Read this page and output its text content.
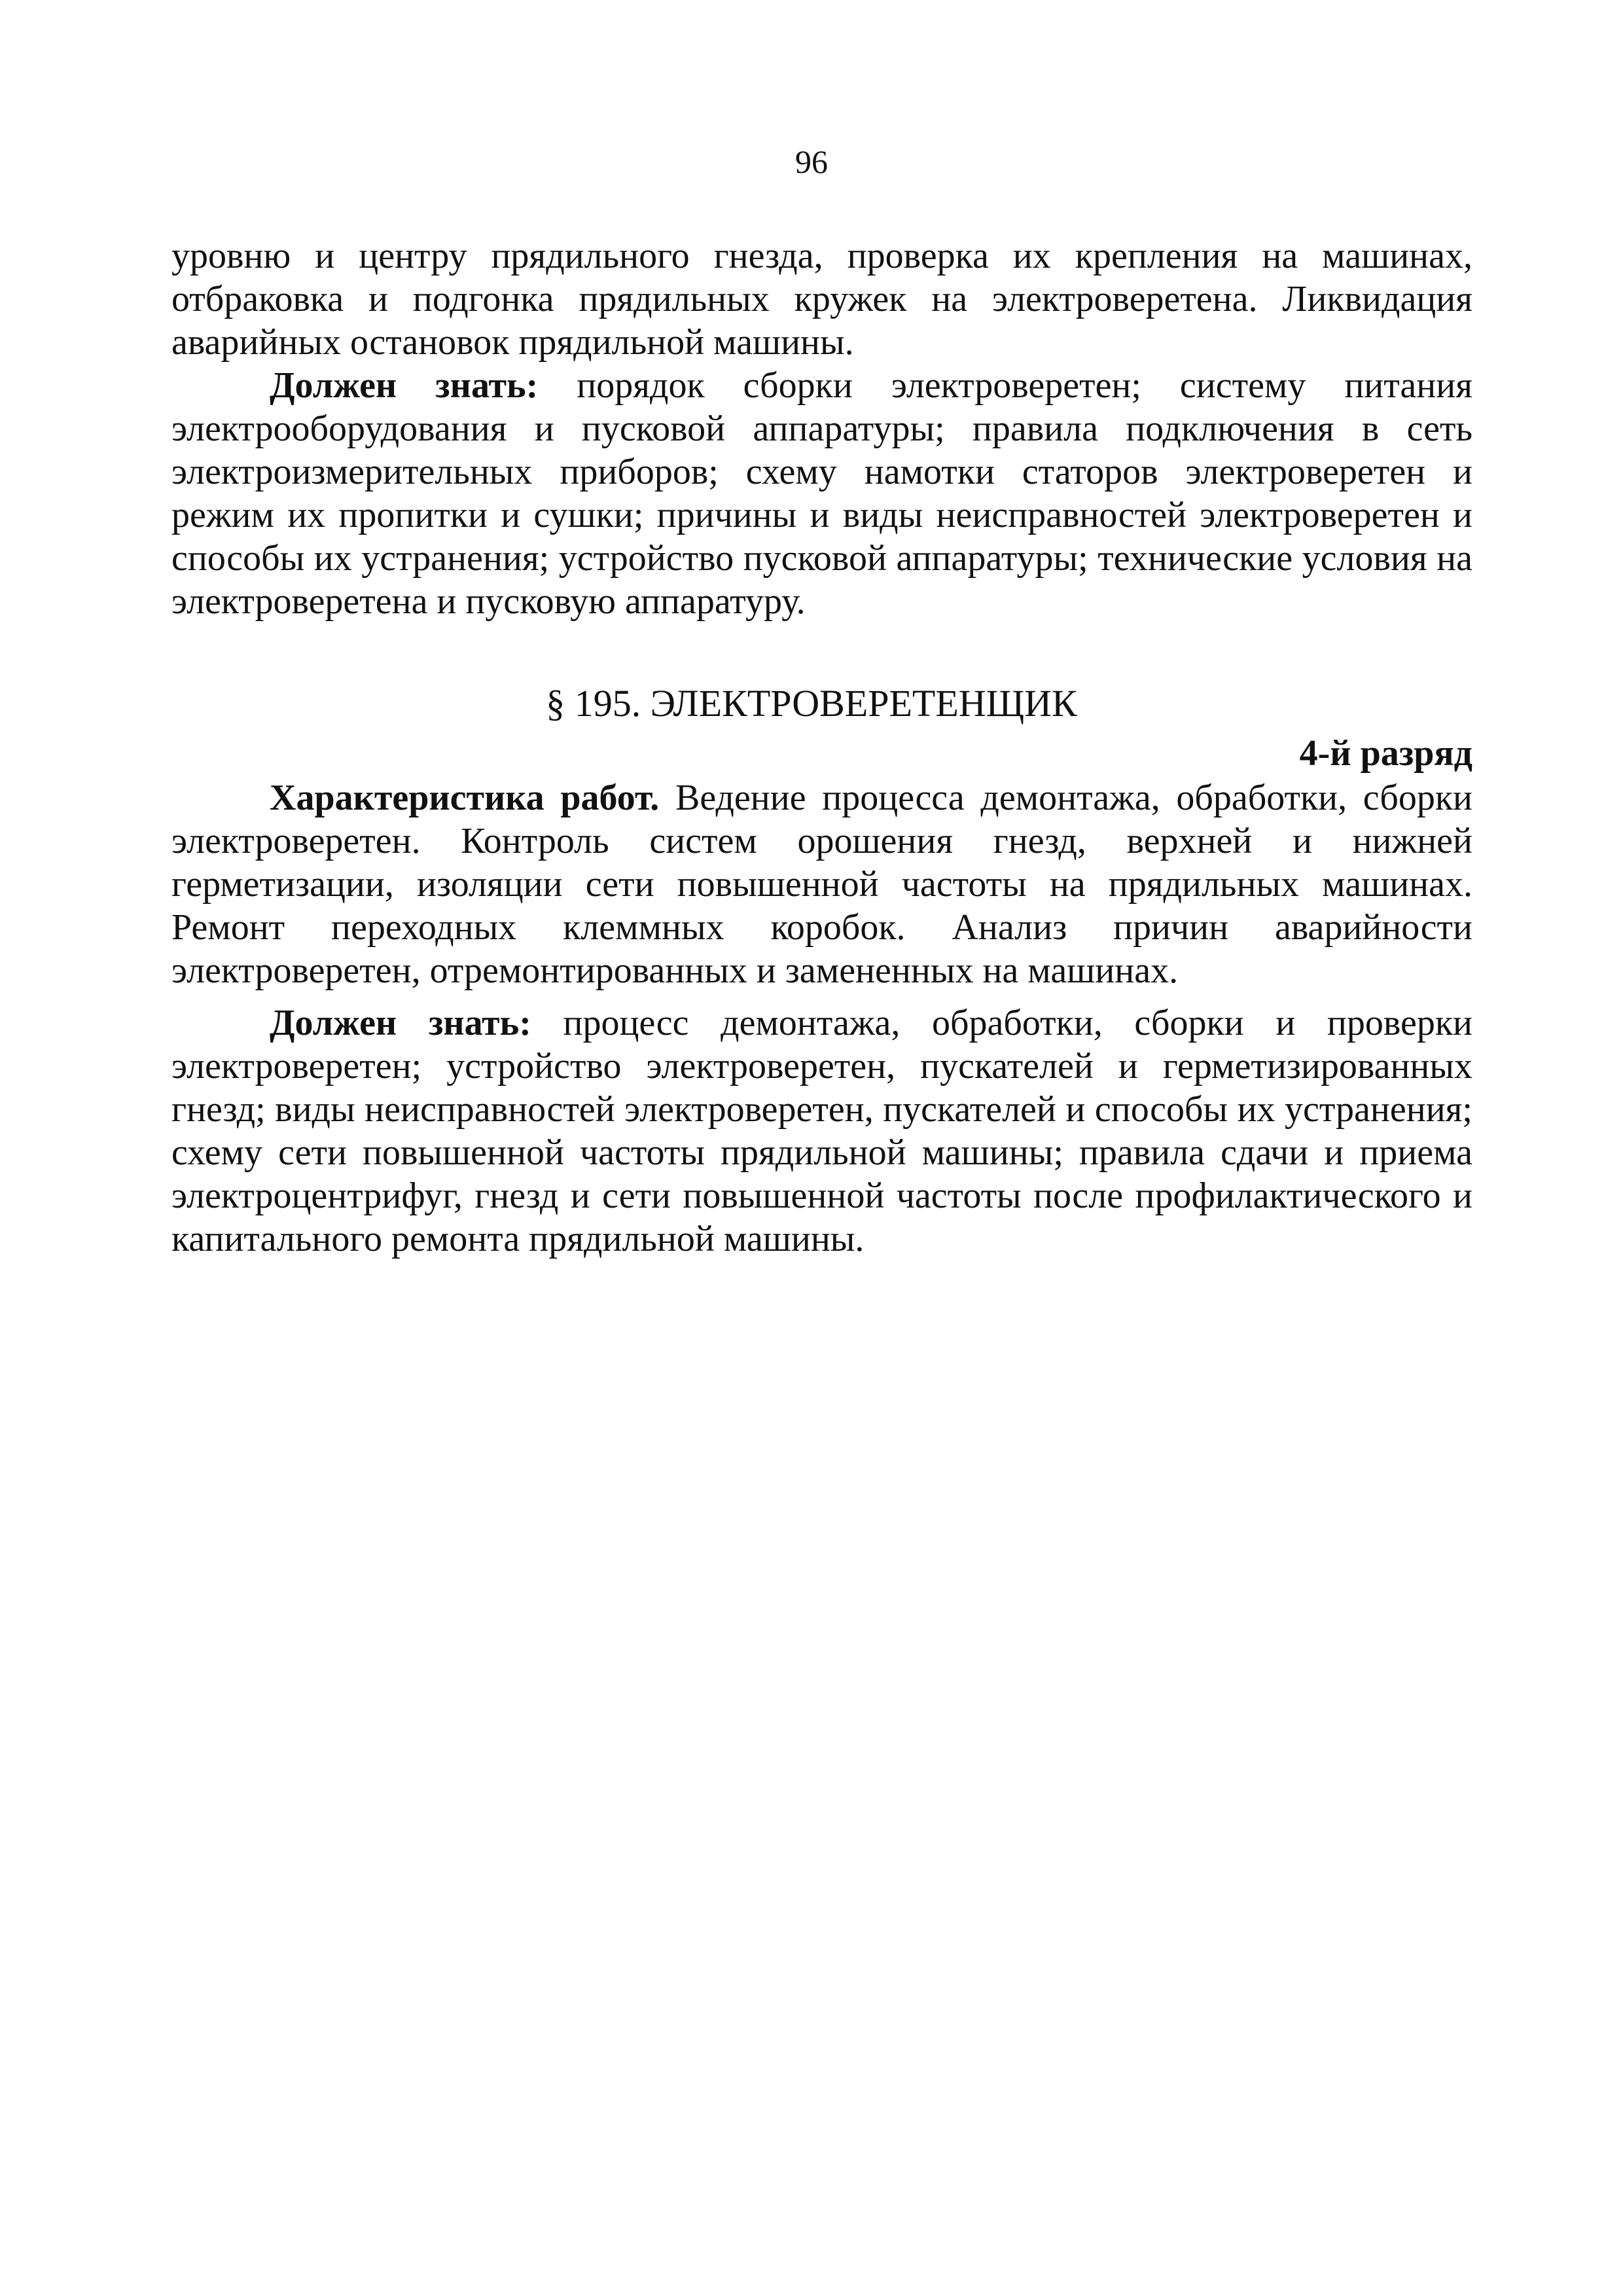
96

уровню и центру прядильного гнезда, проверка их крепления на машинах, отбраковка и подгонка прядильных кружек на электроверетена. Ликвидация аварийных остановок прядильной машины.

Должен знать: порядок сборки электроверетен; систему питания электрооборудования и пусковой аппаратуры; правила подключения в сеть электроизмерительных приборов; схему намотки статоров электроверетен и режим их пропитки и сушки; причины и виды неисправностей электроверетен и способы их устранения; устройство пусковой аппаратуры; технические условия на электроверетена и пусковую аппаратуру.

§ 195. ЭЛЕКТРОВЕРЕТЕНЩИК
4-й разряд

Характеристика работ. Ведение процесса демонтажа, обработки, сборки электроверетен. Контроль систем орошения гнезд, верхней и нижней герметизации, изоляции сети повышенной частоты на прядильных машинах. Ремонт переходных клеммных коробок. Анализ причин аварийности электроверетен, отремонтированных и замененных на машинах.

Должен знать: процесс демонтажа, обработки, сборки и проверки электроверетен; устройство электроверетен, пускателей и герметизированных гнезд; виды неисправностей электроверетен, пускателей и способы их устранения; схему сети повышенной частоты прядильной машины; правила сдачи и приема электроцентрифуг, гнезд и сети повышенной частоты после профилактического и капитального ремонта прядильной машины.
